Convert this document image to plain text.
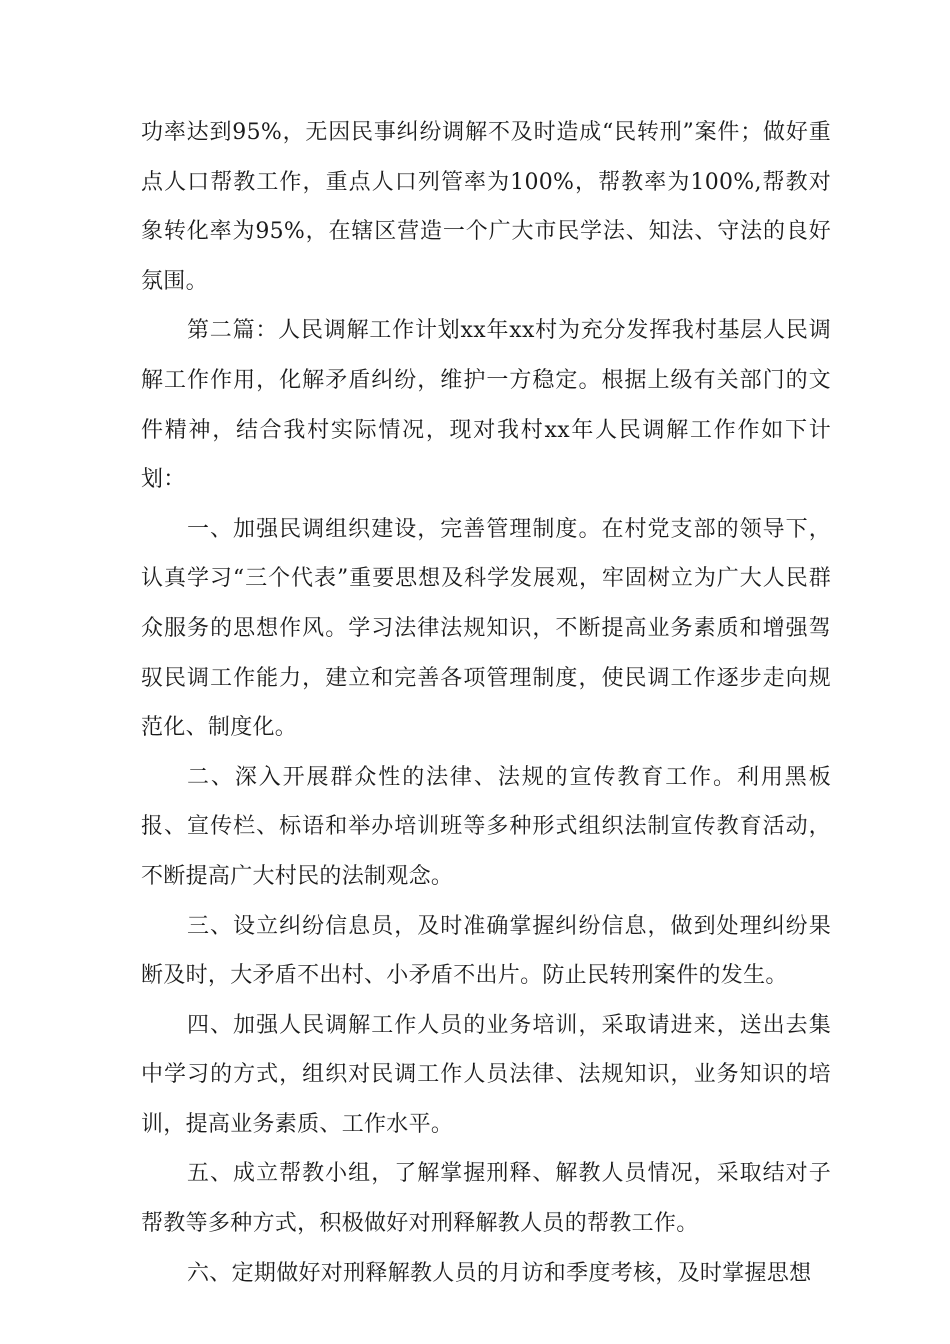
功率达到95%，无因民事纠纷调解不及时造成“民转刑”案件；做好重点人口帮教工作，重点人口列管率为100%，帮教率为100%,帮教对象转化率为95%，在辖区营造一个广大市民学法、知法、守法的良好氛围。

第二篇：人民调解工作计划xx年xx村为充分发挥我村基层人民调解工作作用，化解矛盾纠纷，维护一方稳定。根据上级有关部门的文件精神，结合我村实际情况，现对我村xx年人民调解工作作如下计划：

一、加强民调组织建设，完善管理制度。在村党支部的领导下，认真学习“三个代表”重要思想及科学发展观，牢固树立为广大人民群众服务的思想作风。学习法律法规知识，不断提高业务素质和增强驾驭民调工作能力，建立和完善各项管理制度，使民调工作逐步走向规范化、制度化。

二、深入开展群众性的法律、法规的宣传教育工作。利用黑板报、宣传栏、标语和举办培训班等多种形式组织法制宣传教育活动，不断提高广大村民的法制观念。

三、设立纠纷信息员，及时准确掌握纠纷信息，做到处理纠纷果断及时，大矛盾不出村、小矛盾不出片。防止民转刑案件的发生。

四、加强人民调解工作人员的业务培训，采取请进来，送出去集中学习的方式，组织对民调工作人员法律、法规知识，业务知识的培训，提高业务素质、工作水平。

五、成立帮教小组，了解掌握刑释、解教人员情况，采取结对子帮教等多种方式，积极做好对刑释解教人员的帮教工作。

六、定期做好对刑释解教人员的月访和季度考核，及时掌握思想
